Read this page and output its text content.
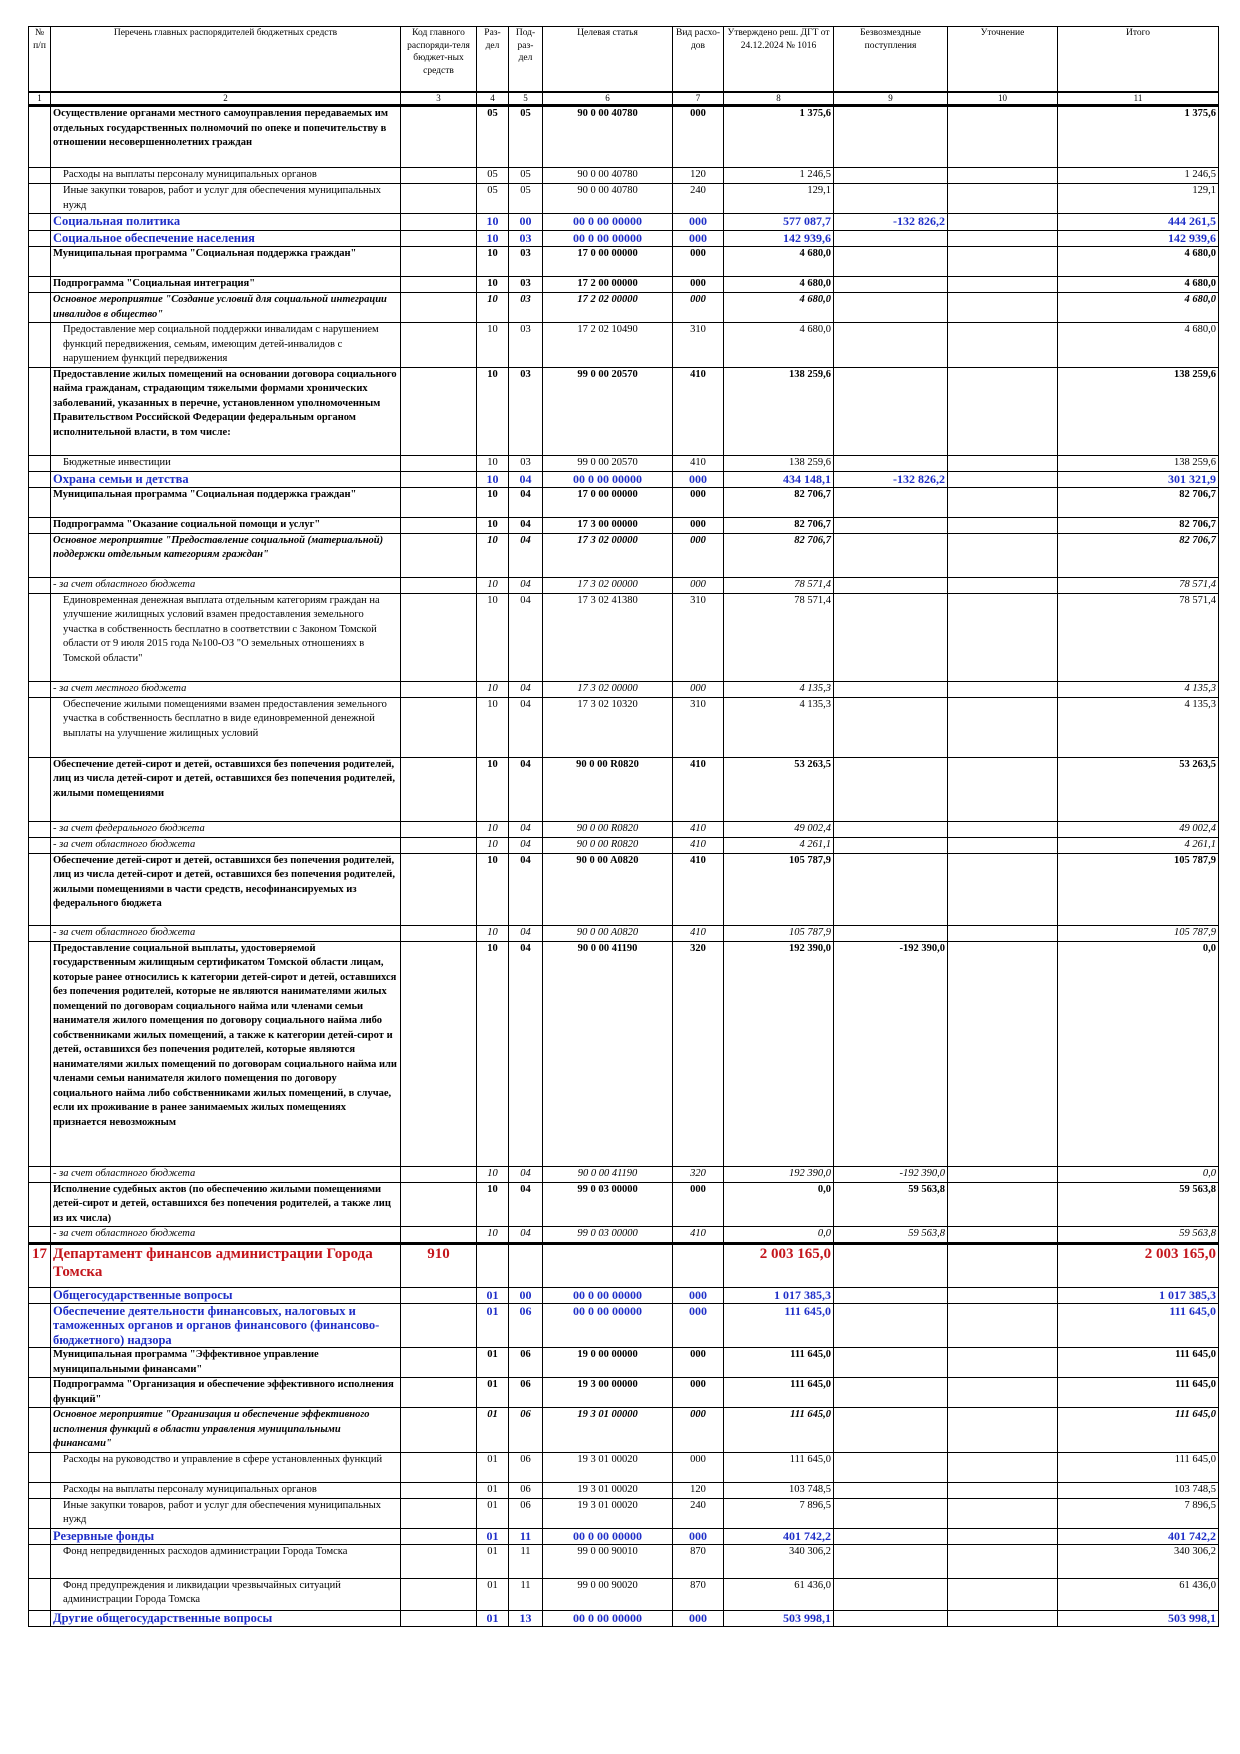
№ п/п	Перечень главных распорядителей бюджетных средств	Код главного распоряди-теля бюджет-ных средств	Раз-дел	Под-раз-дел	Целевая статья	Вид расхо-дов	Утверждено реш. ДГТ от 24.12.2024 № 1016	Безвозмездные поступления	Уточнение	Итого
1	2	3	4	5	6	7	8	9	10	11
	Осуществление органами местного самоуправления передаваемых им отдельных государственных полномочий по опеке и попечительству в отношении несовершеннолетних граждан		05	05	90 0 00 40780	000	1 375,6			1 375,6
	Расходы на выплаты персоналу муниципальных органов		05	05	90 0 00 40780	120	1 246,5			1 246,5
	Иные закупки товаров, работ и услуг для обеспечения муниципальных нужд		05	05	90 0 00 40780	240	129,1			129,1
	Социальная политика		10	00	00 0 00 00000	000	577 087,7	-132 826,2		444 261,5
	Социальное обеспечение населения		10	03	00 0 00 00000	000	142 939,6			142 939,6
	Муниципальная программа "Социальная поддержка граждан"		10	03	17 0 00 00000	000	4 680,0			4 680,0
	Подпрограмма "Социальная интеграция"		10	03	17 2 00 00000	000	4 680,0			4 680,0
	Основное мероприятие "Создание условий для социальной интеграции инвалидов в общество"		10	03	17 2 02 00000	000	4 680,0			4 680,0
	Предоставление мер социальной поддержки инвалидам с нарушением функций передвижения, семьям, имеющим детей-инвалидов с нарушением функций передвижения		10	03	17 2 02 10490	310	4 680,0			4 680,0
	Предоставление жилых помещений на основании договора социального найма гражданам, страдающим тяжелыми формами хронических заболеваний, указанных в перечне, установленном уполномоченным Правительством Российской Федерации федеральным органом исполнительной власти, в том числе:		10	03	99 0 00 20570	410	138 259,6			138 259,6
	Бюджетные инвестиции		10	03	99 0 00 20570	410	138 259,6			138 259,6
	Охрана семьи и детства		10	04	00 0 00 00000	000	434 148,1	-132 826,2		301 321,9
	Муниципальная программа "Социальная поддержка граждан"		10	04	17 0 00 00000	000	82 706,7			82 706,7
	Подпрограмма "Оказание социальной помощи и услуг"		10	04	17 3 00 00000	000	82 706,7			82 706,7
	Основное мероприятие "Предоставление социальной (материальной) поддержки отдельным категориям граждан"		10	04	17 3 02 00000	000	82 706,7			82 706,7
	- за счет областного бюджета		10	04	17 3 02 00000	000	78 571,4			78 571,4
	Единовременная денежная выплата отдельным категориям граждан на улучшение жилищных условий взамен предоставления земельного участка в собственность бесплатно в соответствии с Законом Томской области от 9 июля 2015 года №100-ОЗ "О земельных отношениях в Томской области"		10	04	17 3 02 41380	310	78 571,4			78 571,4
	- за счет местного бюджета		10	04	17 3 02 00000	000	4 135,3			4 135,3
	Обеспечение жилыми помещениями взамен предоставления земельного участка в собственность бесплатно в виде единовременной денежной выплаты на улучшение жилищных условий		10	04	17 3 02 10320	310	4 135,3			4 135,3
	Обеспечение детей-сирот и детей, оставшихся без попечения родителей, лиц из числа детей-сирот и детей, оставшихся без попечения родителей, жилыми помещениями		10	04	90 0 00 R0820	410	53 263,5			53 263,5
	- за счет федерального бюджета		10	04	90 0 00 R0820	410	49 002,4			49 002,4
	- за счет областного бюджета		10	04	90 0 00 R0820	410	4 261,1			4 261,1
	Обеспечение детей-сирот и детей, оставшихся без попечения родителей, лиц из числа детей-сирот и детей, оставшихся без попечения родителей, жилыми помещениями в части средств, несофинансируемых из федерального бюджета		10	04	90 0 00 A0820	410	105 787,9			105 787,9
	- за счет областного бюджета		10	04	90 0 00 A0820	410	105 787,9			105 787,9
	Предоставление социальной выплаты, удостоверяемой государственным жилищным сертификатом Томской области лицам, которые ранее относились к категории детей-сирот и детей, оставшихся без попечения родителей, которые не являются нанимателями жилых помещений по договорам социального найма или членами семьи нанимателя жилого помещения по договору социального найма либо собственниками жилых помещений, а также к категории детей-сирот и детей, оставшихся без попечения родителей, которые являются нанимателями жилых помещений по договорам социального найма или членами семьи нанимателя жилого помещения по договору социального найма либо собственниками жилых помещений, в случае, если их проживание в ранее занимаемых жилых помещениях признается невозможным		10	04	90 0 00 41190	320	192 390,0	-192 390,0		0,0
	- за счет областного бюджета		10	04	90 0 00 41190	320	192 390,0	-192 390,0		0,0
	Исполнение судебных актов (по обеспечению жилыми помещениями детей-сирот и детей, оставшихся без попечения родителей, а также лиц из их числа)		10	04	99 0 03 00000	000	0,0	59 563,8		59 563,8
	- за счет областного бюджета		10	04	99 0 03 00000	410	0,0	59 563,8		59 563,8
17	Департамент финансов администрации Города Томска	910					2 003 165,0			2 003 165,0
	Общегосударственные вопросы		01	00	00 0 00 00000	000	1 017 385,3			1 017 385,3
	Обеспечение деятельности финансовых, налоговых и таможенных органов и органов финансового (финансово-бюджетного) надзора		01	06	00 0 00 00000	000	111 645,0			111 645,0
	Муниципальная программа "Эффективное управление муниципальными финансами"		01	06	19 0 00 00000	000	111 645,0			111 645,0
	Подпрограмма "Организация и обеспечение эффективного исполнения функций"		01	06	19 3 00 00000	000	111 645,0			111 645,0
	Основное мероприятие "Организация и обеспечение эффективного исполнения функций в области управления муниципальными финансами"		01	06	19 3 01 00000	000	111 645,0			111 645,0
	Расходы на руководство и управление в сфере установленных функций		01	06	19 3 01 00020	000	111 645,0			111 645,0
	Расходы на выплаты персоналу муниципальных органов		01	06	19 3 01 00020	120	103 748,5			103 748,5
	Иные закупки товаров, работ и услуг для обеспечения муниципальных нужд		01	06	19 3 01 00020	240	7 896,5			7 896,5
	Резервные фонды		01	11	00 0 00 00000	000	401 742,2			401 742,2
	Фонд непредвиденных расходов администрации Города Томска		01	11	99 0 00 90010	870	340 306,2			340 306,2
	Фонд предупреждения и ликвидации чрезвычайных ситуаций администрации Города Томска		01	11	99 0 00 90020	870	61 436,0			61 436,0
	Другие общегосударственные вопросы		01	13	00 0 00 00000	000	503 998,1			503 998,1
